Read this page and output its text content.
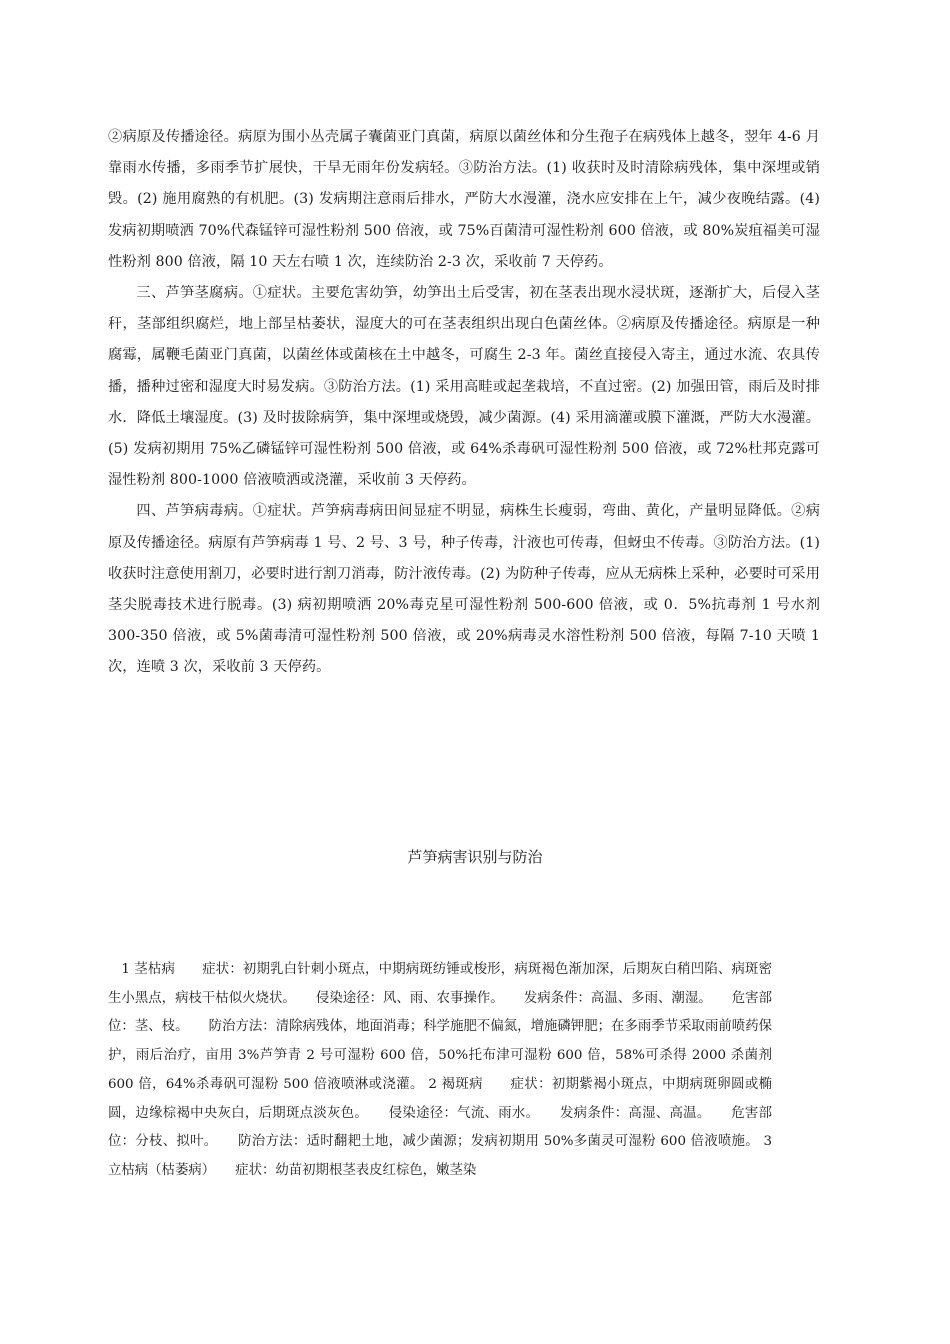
②病原及传播途径。病原为围小丛壳属子囊菌亚门真菌，病原以菌丝体和分生孢子在病残体上越冬，翌年 4-6 月靠雨水传播，多雨季节扩展快，干旱无雨年份发病轻。③防治方法。(1) 收获时及时清除病残体，集中深埋或销毁。(2) 施用腐熟的有机肥。(3) 发病期注意雨后排水，严防大水漫灌，浇水应安排在上午，减少夜晚结露。(4) 发病初期喷洒 70%代森锰锌可湿性粉剂 500 倍液，或 75%百菌清可湿性粉剂 600 倍液，或 80%炭疽福美可湿性粉剂 800 倍液，隔 10 天左右喷 1 次，连续防治 2-3 次，采收前 7 天停药。

三、芦笋茎腐病。①症状。主要危害幼笋，幼笋出土后受害，初在茎表出现水浸状斑，逐渐扩大，后侵入茎秆，茎部组织腐烂，地上部呈枯萎状，湿度大的可在茎表组织出现白色菌丝体。②病原及传播途径。病原是一种腐霉，属鞭毛菌亚门真菌，以菌丝体或菌核在土中越冬，可腐生 2-3 年。菌丝直接侵入寄主，通过水流、农具传播，播种过密和湿度大时易发病。③防治方法。(1) 采用高畦或起垄栽培，不直过密。(2) 加强田管，雨后及时排水．降低土壤湿度。(3) 及时拔除病笋，集中深埋或烧毁，减少菌源。(4) 采用滴灌或膜下灌溉，严防大水漫灌。(5) 发病初期用 75%乙磷锰锌可湿性粉剂 500 倍液，或 64%杀毒矾可湿性粉剂 500 倍液，或 72%杜邦克露可湿性粉剂 800-1000 倍液喷洒或浇灌，采收前 3 天停药。

四、芦笋病毒病。①症状。芦笋病毒病田间显症不明显，病株生长瘦弱，弯曲、黄化，产量明显降低。②病原及传播途径。病原有芦笋病毒 1 号、2 号、3 号，种子传毒，汁液也可传毒，但蚜虫不传毒。③防治方法。(1) 收获时注意使用割刀，必要时进行割刀消毒，防汁液传毒。(2) 为防种子传毒，应从无病株上采种，必要时可采用茎尖脱毒技术进行脱毒。(3) 病初期喷洒 20%毒克星可湿性粉剂 500-600 倍液，或 0．5%抗毒剂 1 号水剂 300-350 倍液，或 5%菌毒清可湿性粉剂 500 倍液，或 20%病毒灵水溶性粉剂 500 倍液，每隔 7-10 天喷 1 次，连喷 3 次，采收前 3 天停药。

芦笋病害识别与防治

1 茎枯病　　症状：初期乳白针刺小斑点，中期病斑纺锤或梭形，病斑褐色渐加深，后期灰白稍凹陷、病斑密生小黑点，病枝干枯似火烧状。　　侵染途径：风、雨、农事操作。　　发病条件：高温、多雨、潮湿。　　危害部位：茎、枝。　　防治方法：清除病残体，地面消毒；科学施肥不偏氮，增施磷钾肥；在多雨季节采取雨前喷药保护，雨后治疗，亩用 3%芦笋青 2 号可湿粉 600 倍，50%托布津可湿粉 600 倍，58%可杀得 2000 杀菌剂 600 倍，64%杀毒矾可湿粉 500 倍液喷淋或浇灌。 2 褐斑病　　症状：初期紫褐小斑点，中期病斑卵圆或椭圆，边缘棕褐中央灰白，后期斑点淡灰色。　　侵染途径：气流、雨水。　　发病条件：高湿、高温。　　危害部位：分枝、拟叶。　　防治方法：适时翻耙土地，减少菌源；发病初期用 50%多菌灵可湿粉 600 倍液喷施。 3 立枯病（枯萎病）　　症状：幼苗初期根茎表皮红棕色，嫩茎染
